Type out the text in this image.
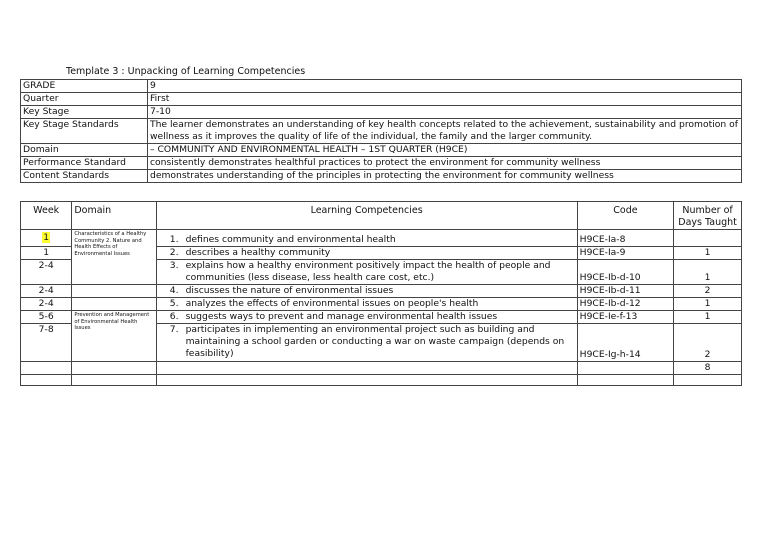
Template 3 : Unpacking of Learning Competencies
GRADE	9
Quarter	First
Key Stage	7-10
Key Stage Standards	The learner demonstrates an understanding of key health concepts related to the achievement, sustainability and promotion of wellness as it improves the quality of life of the individual, the family and the larger community.
Domain	– COMMUNITY AND ENVIRONMENTAL HEALTH – 1ST QUARTER (H9CE)
Performance Standard	consistently demonstrates healthful practices to protect the environment for community wellness
Content Standards	demonstrates understanding of the principles in protecting the environment for community wellness
Week	Domain	Learning Competencies	Code	Number of Days Taught
1	Characteristics of a Healthy Community 2. Nature and Health Effects of Environmental Issues	1. defines community and environmental health	H9CE-Ia-8	
1		2. describes a healthy community	H9CE-Ia-9	1
2-4		3. explains how a healthy environment positively impact the health of people and communities (less disease, less health care cost, etc.)	H9CE-Ib-d-10	1
2-4		4. discusses the nature of environmental issues	H9CE-Ib-d-11	2
2-4		5. analyzes the effects of environmental issues on people's health	H9CE-Ib-d-12	1
5-6	Prevention and Management of Environmental Health Issues	6. suggests ways to prevent and manage environmental health issues	H9CE-Ie-f-13	1
7-8		7. participates in implementing an environmental project such as building and maintaining a school garden or conducting a war on waste campaign (depends on feasibility)	H9CE-Ig-h-14	2
				8
